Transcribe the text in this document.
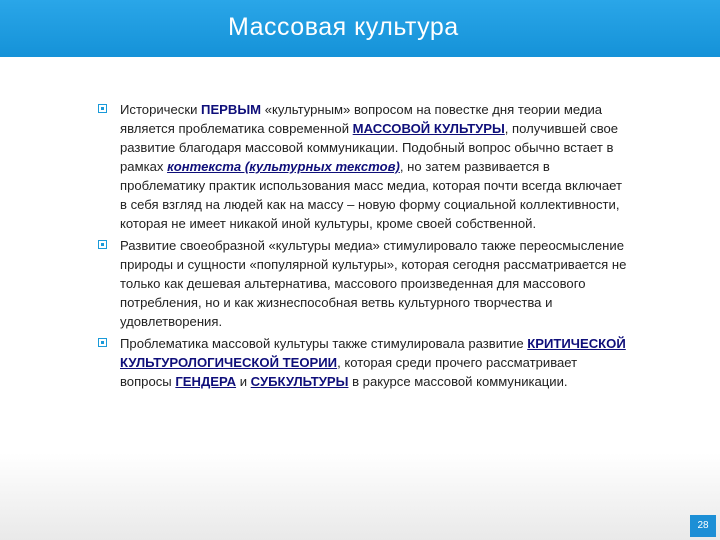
Массовая культура
Исторически ПЕРВЫМ «культурным» вопросом на повестке дня теории медиа является проблематика современной МАССОВОЙ КУЛЬТУРЫ, получившей свое развитие благодаря массовой коммуникации. Подобный вопрос обычно встает в рамках контекста (культурных текстов), но затем развивается в проблематику практик использования масс медиа, которая почти всегда включает в себя взгляд на людей как на массу – новую форму социальной коллективности, которая не имеет никакой иной культуры, кроме своей собственной.
Развитие своеобразной «культуры медиа» стимулировало также переосмысление природы и сущности «популярной культуры», которая сегодня рассматривается не только как дешевая альтернатива, массового произведенная для массового потребления, но и как жизнеспособная ветвь культурного творчества и удовлетворения.
Проблематика массовой культуры также стимулировала развитие КРИТИЧЕСКОЙ КУЛЬТУРОЛОГИЧЕСКОЙ ТЕОРИИ, которая среди прочего рассматривает вопросы ГЕНДЕРА и СУБКУЛЬТУРЫ в ракурсе массовой коммуникации.
28
